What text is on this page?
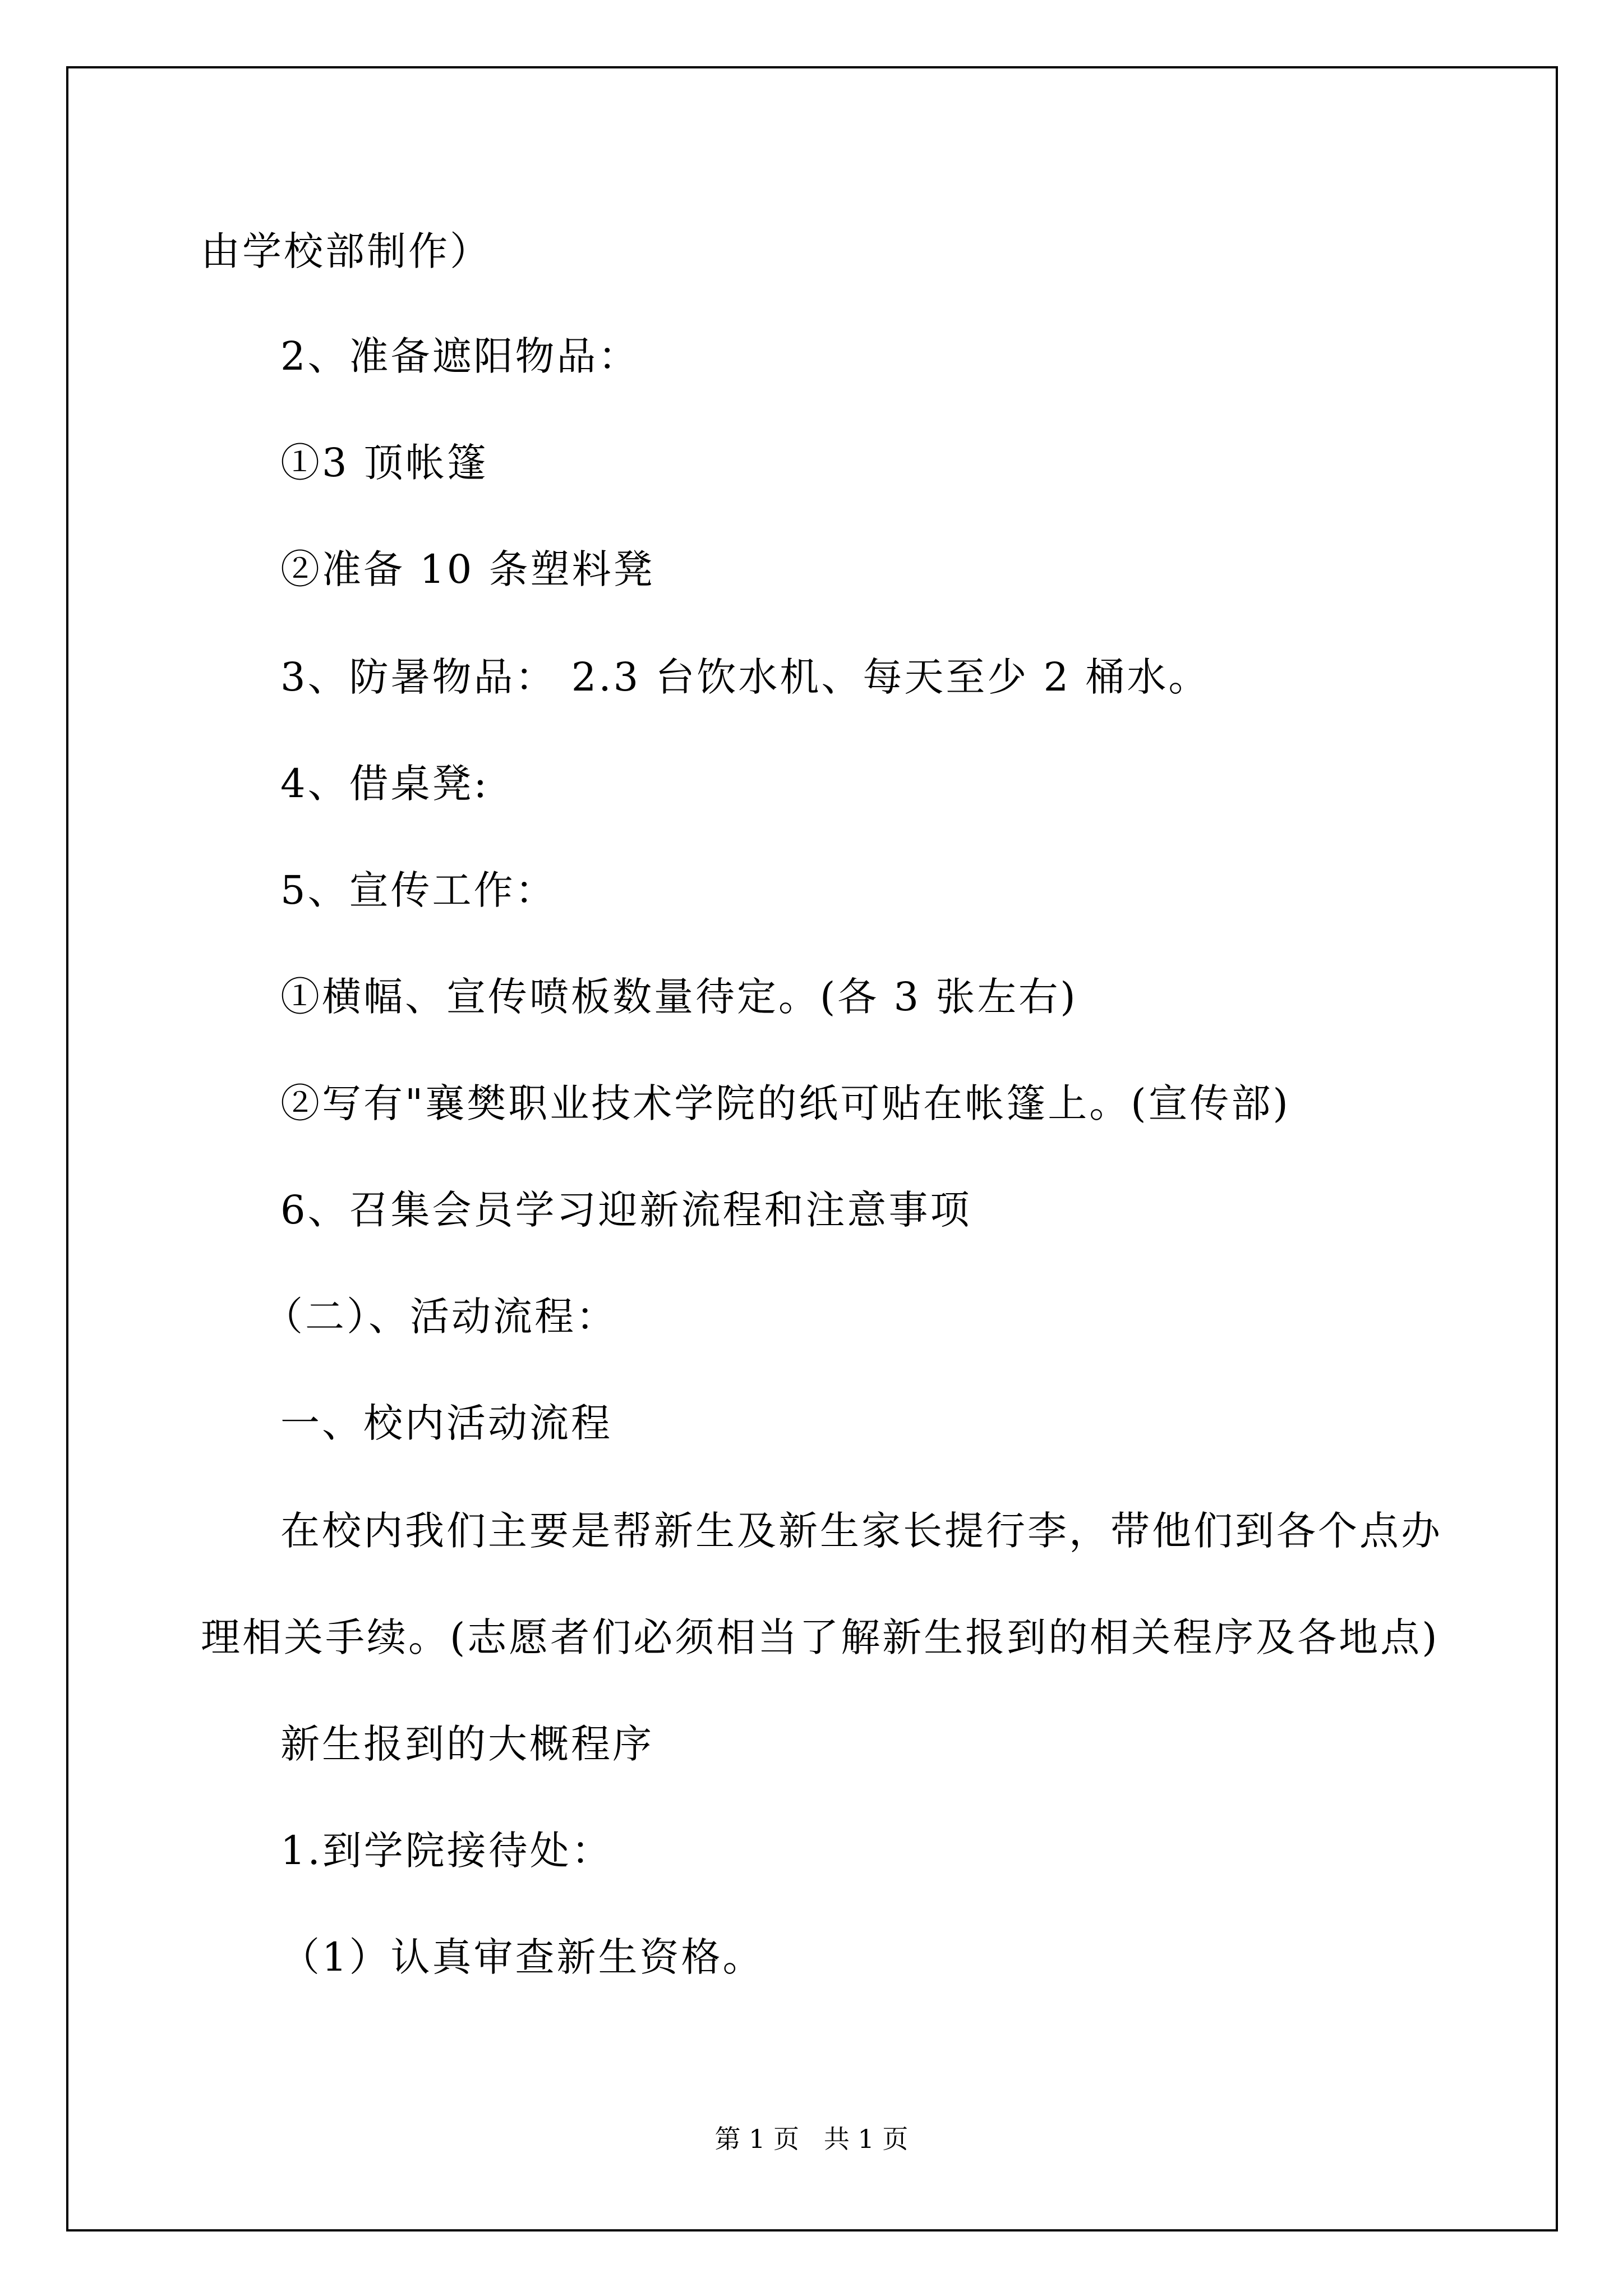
由学校部制作）
2、准备遮阳物品：
①3 顶帐篷
②准备 10 条塑料凳
3、防暑物品： 2.3 台饮水机、每天至少 2 桶水。
4、借桌凳:
5、宣传工作：
①横幅、宣传喷板数量待定。(各 3 张左右)
②写有"襄樊职业技术学院的纸可贴在帐篷上。(宣传部)
6、召集会员学习迎新流程和注意事项
（二）、活动流程：
一、校内活动流程
在校内我们主要是帮新生及新生家长提行李，带他们到各个点办
理相关手续。(志愿者们必须相当了解新生报到的相关程序及各地点)
新生报到的大概程序
1.到学院接待处：
（1）认真审查新生资格。
第 1 页   共 1 页
